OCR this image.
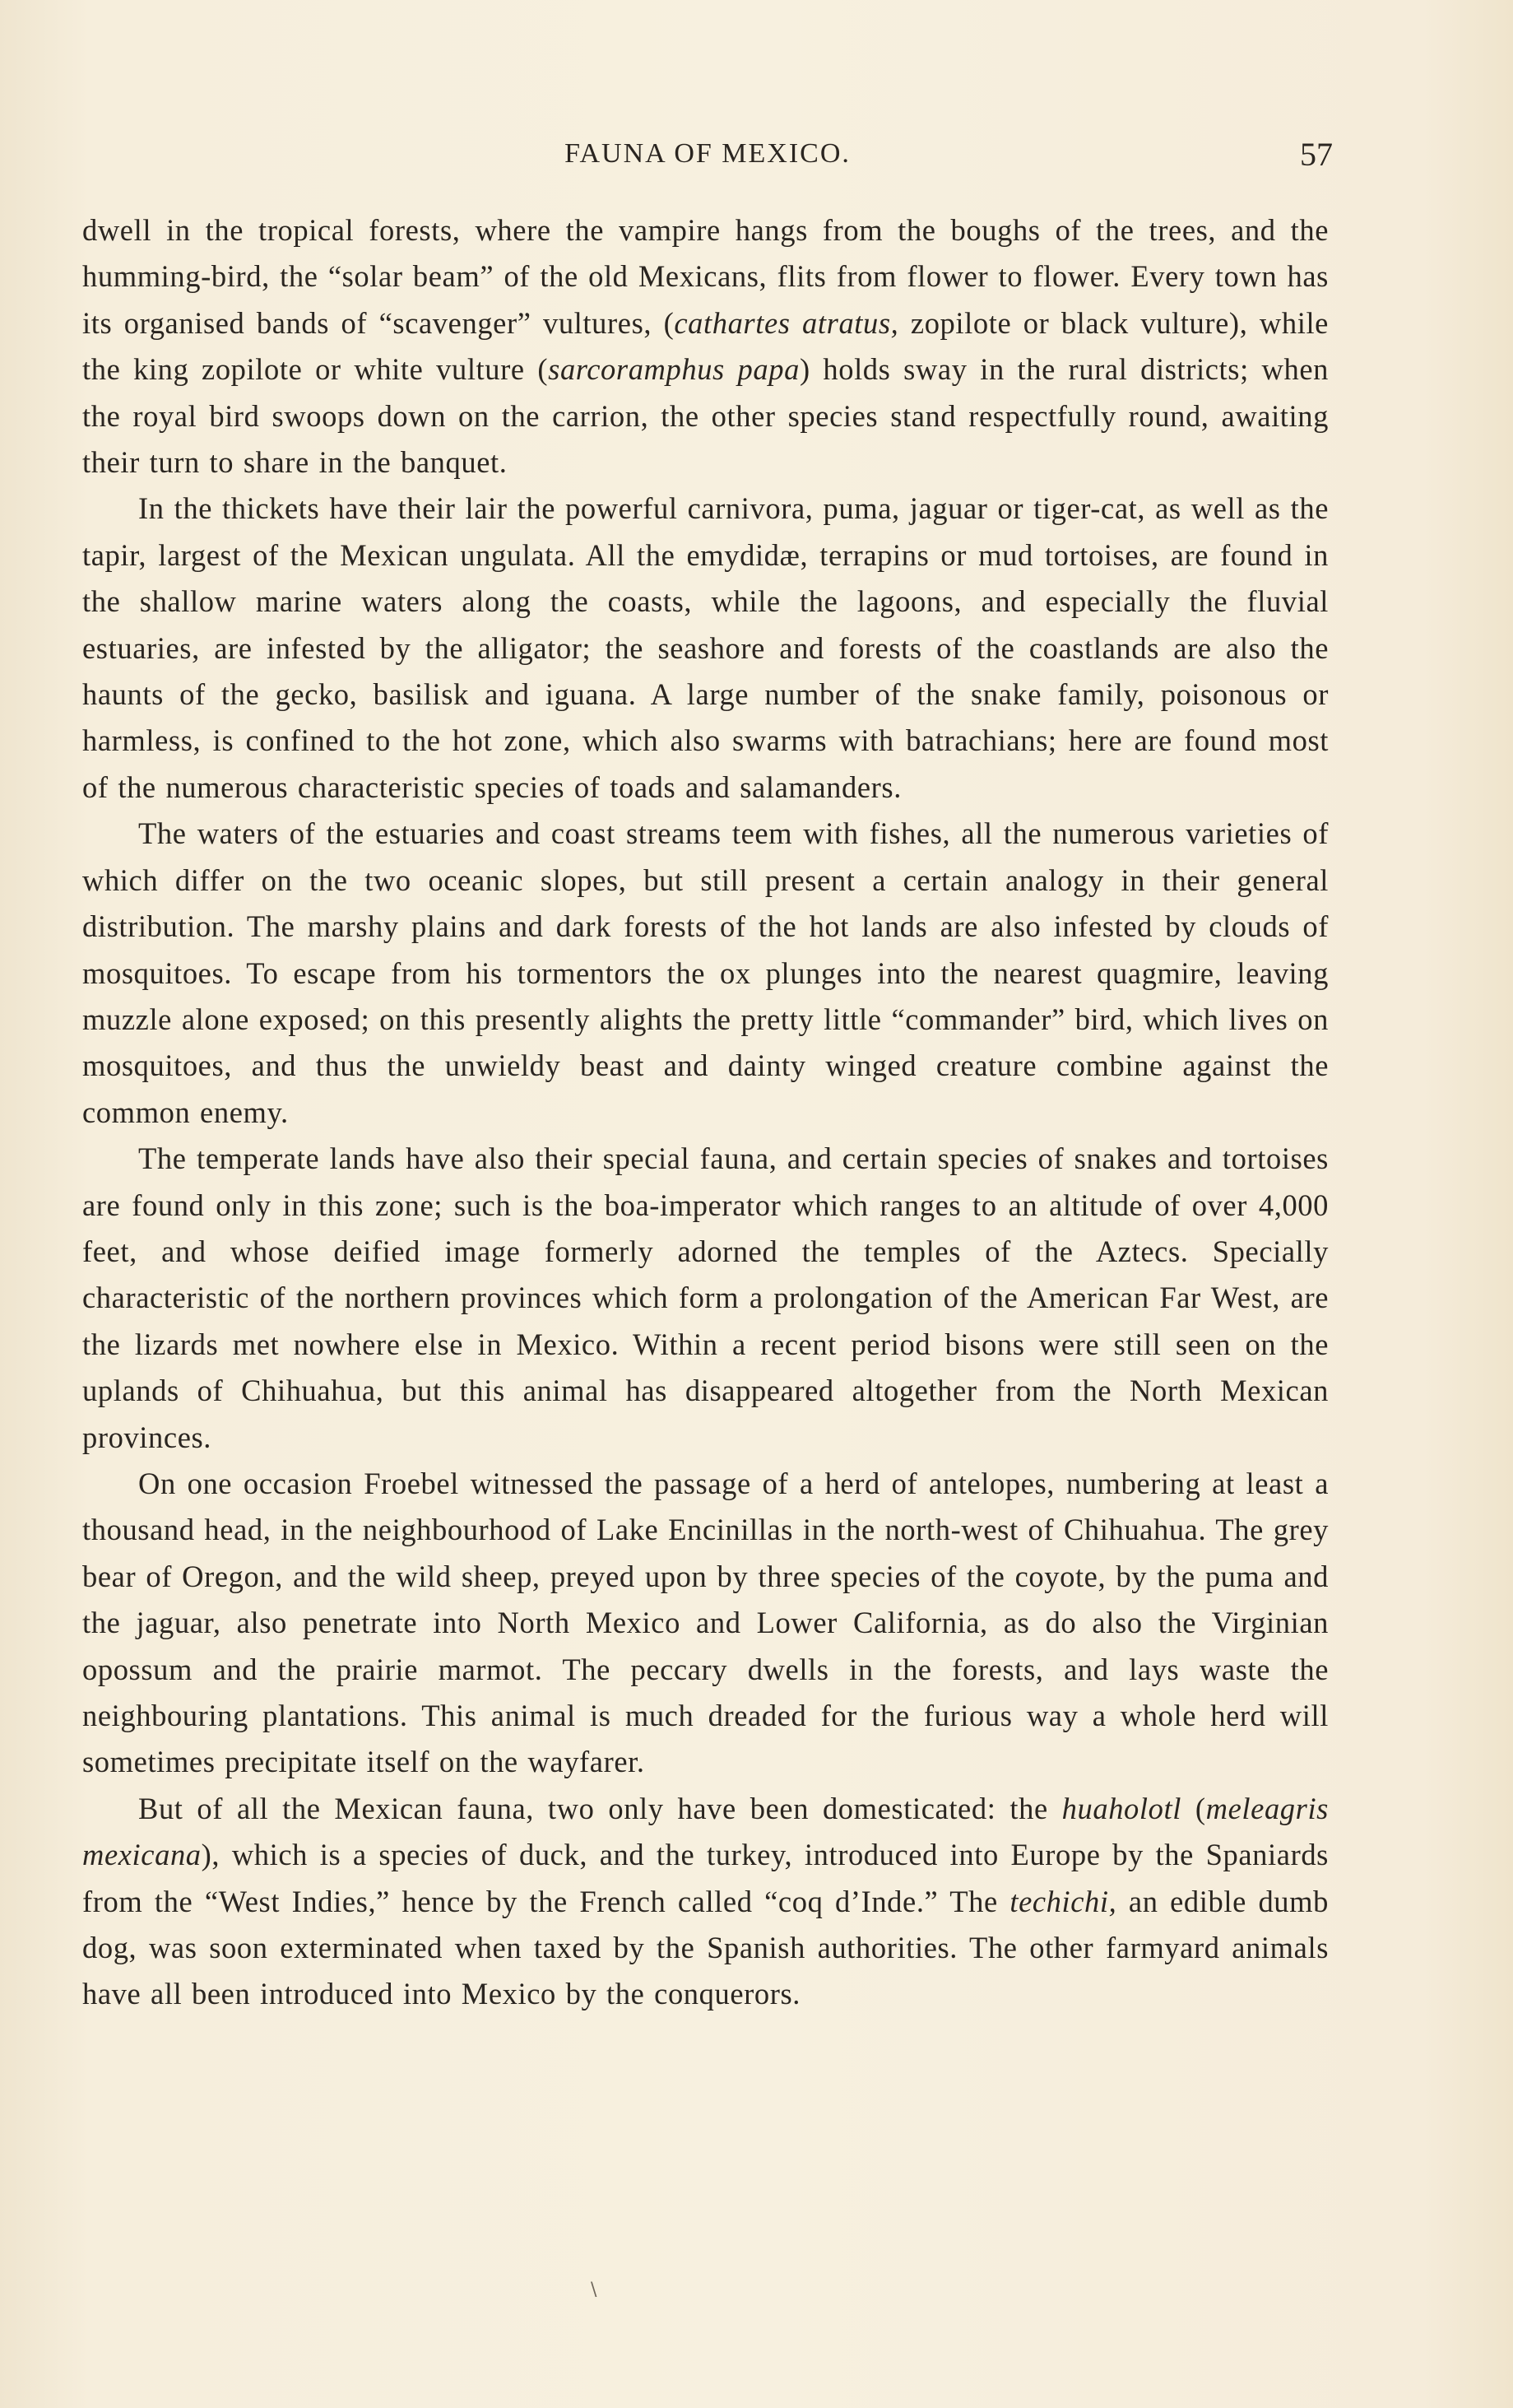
FAUNA OF MEXICO.	57

dwell in the tropical forests, where the vampire hangs from the boughs of the trees, and the humming-bird, the “solar beam” of the old Mexicans, flits from flower to flower. Every town has its organised bands of “scavenger” vultures, (cathartes atratus, zopilote or black vulture), while the king zopilote or white vulture (sarcoramphus papa) holds sway in the rural districts; when the royal bird swoops down on the carrion, the other species stand respectfully round, awaiting their turn to share in the banquet.

In the thickets have their lair the powerful carnivora, puma, jaguar or tiger-cat, as well as the tapir, largest of the Mexican ungulata. All the emydidæ, terrapins or mud tortoises, are found in the shallow marine waters along the coasts, while the lagoons, and especially the fluvial estuaries, are infested by the alligator; the seashore and forests of the coastlands are also the haunts of the gecko, basilisk and iguana. A large number of the snake family, poisonous or harmless, is confined to the hot zone, which also swarms with batrachians; here are found most of the numerous characteristic species of toads and salamanders.

The waters of the estuaries and coast streams teem with fishes, all the numerous varieties of which differ on the two oceanic slopes, but still present a certain analogy in their general distribution. The marshy plains and dark forests of the hot lands are also infested by clouds of mosquitoes. To escape from his tormentors the ox plunges into the nearest quagmire, leaving muzzle alone exposed; on this presently alights the pretty little “commander” bird, which lives on mosquitoes, and thus the unwieldy beast and dainty winged creature combine against the common enemy.

The temperate lands have also their special fauna, and certain species of snakes and tortoises are found only in this zone; such is the boa-imperator which ranges to an altitude of over 4,000 feet, and whose deified image formerly adorned the temples of the Aztecs. Specially characteristic of the northern provinces which form a prolongation of the American Far West, are the lizards met nowhere else in Mexico. Within a recent period bisons were still seen on the uplands of Chihuahua, but this animal has disappeared altogether from the North Mexican provinces.

On one occasion Froebel witnessed the passage of a herd of antelopes, numbering at least a thousand head, in the neighbourhood of Lake Encinillas in the north-west of Chihuahua. The grey bear of Oregon, and the wild sheep, preyed upon by three species of the coyote, by the puma and the jaguar, also penetrate into North Mexico and Lower California, as do also the Virginian opossum and the prairie marmot. The peccary dwells in the forests, and lays waste the neighbouring plantations. This animal is much dreaded for the furious way a whole herd will sometimes precipitate itself on the wayfarer.

But of all the Mexican fauna, two only have been domesticated: the huaholotl (meleagris mexicana), which is a species of duck, and the turkey, introduced into Europe by the Spaniards from the “West Indies,” hence by the French called “coq d’Inde.” The techichi, an edible dumb dog, was soon exterminated when taxed by the Spanish authorities. The other farmyard animals have all been introduced into Mexico by the conquerors.

\
